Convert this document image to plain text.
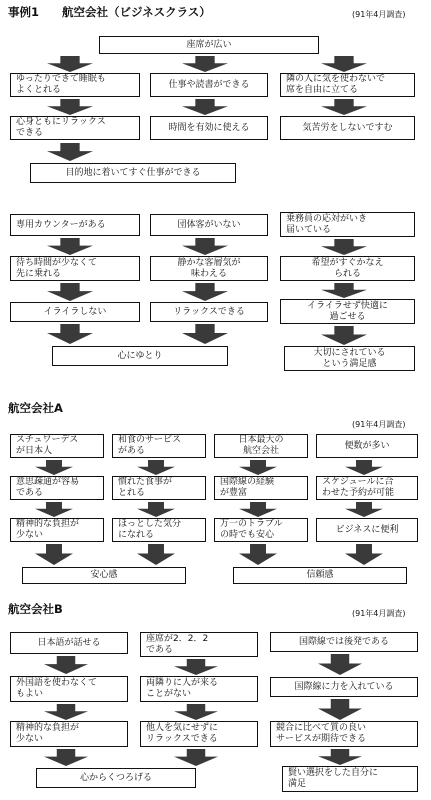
事例1 航空会社（ビジネスクラス）	(91年4月調査)
座席が広い
ゆったりできて睡眠も
よくとれる
仕事や読書ができる
隣の人に気を使わないで
席を自由に立てる
心身ともにリラックス
できる
時間を有効に使える	気苦労をしないですむ
目的地に着いてすぐ仕事ができる
専用カウンターがある	団体客がいない
乗務員の応対がいき
届いている
待ち時間が少なくて
先に乗れる
静かな客層気が
味わえる
希望がすぐかなえ
られる
イライラしない	リラックスできる
イライラせず快適に
過ごせる
心にゆとり	大切にされている
という満足感
航空会社A
(91年4月調査)
スチュワーデス
が日本人
和食のサービス
がある
日本最大の
航空会社
便数が多い
意思疎通が容易
である
慣れた食事が
とれる
国際線の経験
が豊富
スケジュールに合
わせた予約が可能
精神的な負担が
少ない
ほっとした気分
になれる
万一のトラブル
の時でも安心
ビジネスに便利
安心感	信頼感
航空会社B	(91年4月調査)
日本語が話せる	座席が2．2．2
である
国際線では後発である
外国語を使わなくて
もよい
両隣りに人が来る
ことがない
国際線に力を入れている
精神的な負担が
少ない
他人を気にせずに
リラックスできる
競合に比べて質の良い
サービスが期待できる
心からくつろげる	賢い選択をした自分に
満足
